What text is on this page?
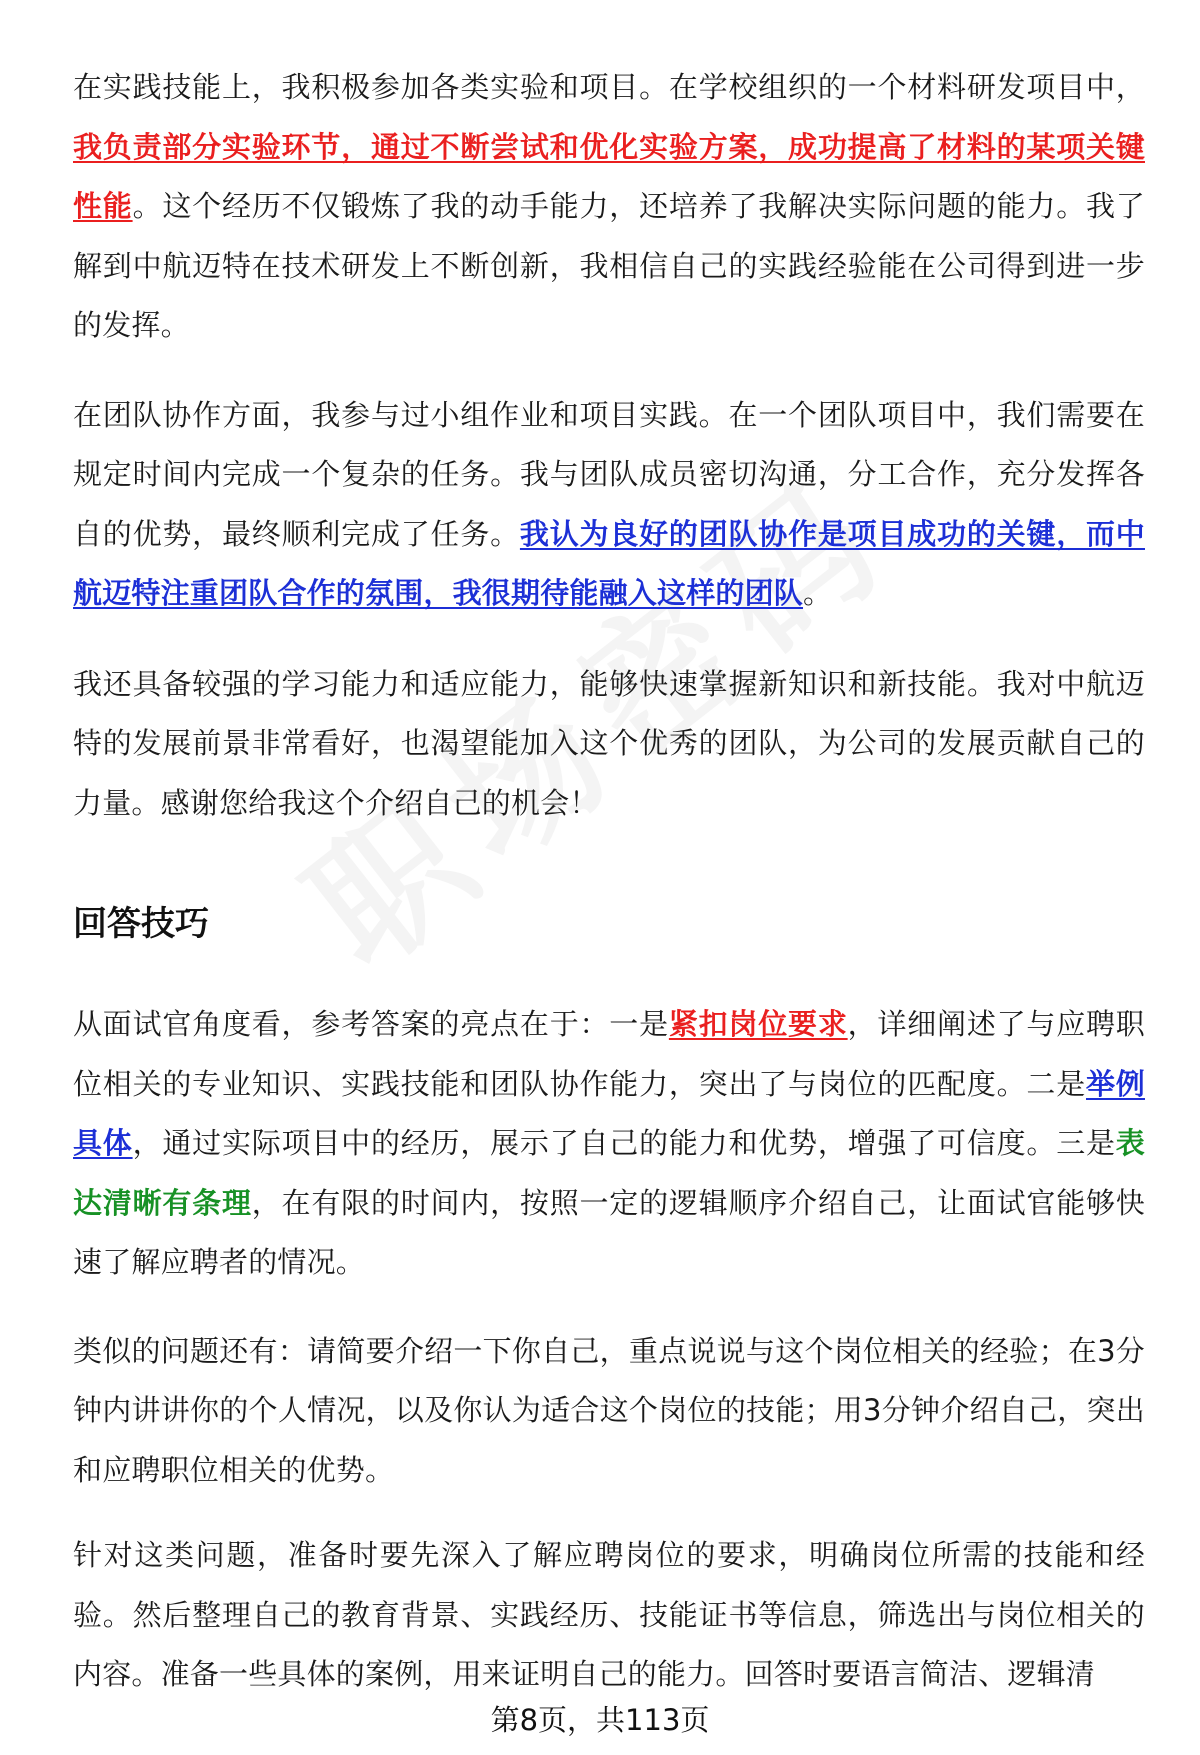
在实践技能上，我积极参加各类实验和项目。在学校组织的一个材料研发项目中，我负责部分实验环节，通过不断尝试和优化实验方案，成功提高了材料的某项关键性能。这个经历不仅锻炼了我的动手能力，还培养了我解决实际问题的能力。我了解到中航迈特在技术研发上不断创新，我相信自己的实践经验能在公司得到进一步的发挥。

在团队协作方面，我参与过小组作业和项目实践。在一个团队项目中，我们需要在规定时间内完成一个复杂的任务。我与团队成员密切沟通，分工合作，充分发挥各自的优势，最终顺利完成了任务。我认为良好的团队协作是项目成功的关键，而中航迈特注重团队合作的氛围，我很期待能融入这样的团队。

我还具备较强的学习能力和适应能力，能够快速掌握新知识和新技能。我对中航迈特的发展前景非常看好，也渴望能加入这个优秀的团队，为公司的发展贡献自己的力量。感谢您给我这个介绍自己的机会！

回答技巧

从面试官角度看，参考答案的亮点在于：一是紧扣岗位要求，详细阐述了与应聘职位相关的专业知识、实践技能和团队协作能力，突出了与岗位的匹配度。二是举例具体，通过实际项目中的经历，展示了自己的能力和优势，增强了可信度。三是表达清晰有条理，在有限的时间内，按照一定的逻辑顺序介绍自己，让面试官能够快速了解应聘者的情况。

类似的问题还有：请简要介绍一下你自己，重点说说与这个岗位相关的经验；在3分钟内讲讲你的个人情况，以及你认为适合这个岗位的技能；用3分钟介绍自己，突出和应聘职位相关的优势。

针对这类问题，准备时要先深入了解应聘岗位的要求，明确岗位所需的技能和经验。然后整理自己的教育背景、实践经历、技能证书等信息，筛选出与岗位相关的内容。准备一些具体的案例，用来证明自己的能力。回答时要语言简洁、逻辑清

第8页，共113页
